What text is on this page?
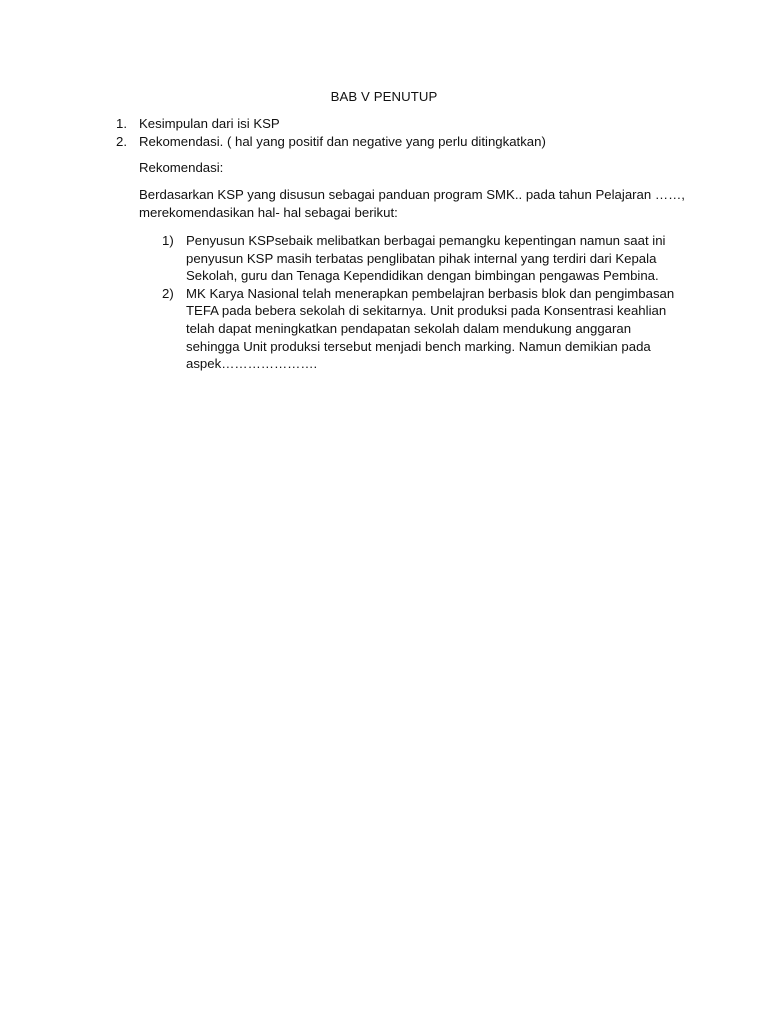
BAB V PENUTUP
1. Kesimpulan dari isi KSP
2. Rekomendasi. ( hal yang positif dan negative yang perlu ditingkatkan)
Rekomendasi:
Berdasarkan KSP yang disusun sebagai panduan program SMK.. pada tahun Pelajaran ……,
merekomendasikan hal- hal sebagai berikut:
1) Penyusun KSPsebaik melibatkan berbagai pemangku kepentingan namun saat ini
penyusun KSP masih terbatas penglibatan pihak internal yang terdiri dari Kepala
Sekolah, guru dan Tenaga Kependidikan dengan bimbingan pengawas Pembina.
2) MK Karya Nasional telah menerapkan pembelajran berbasis blok dan pengimbasan
TEFA pada bebera sekolah di sekitarnya. Unit produksi pada Konsentrasi keahlian
telah dapat meningkatkan pendapatan sekolah dalam mendukung anggaran
sehingga Unit produksi tersebut menjadi bench marking. Namun demikian pada
aspek………………….
